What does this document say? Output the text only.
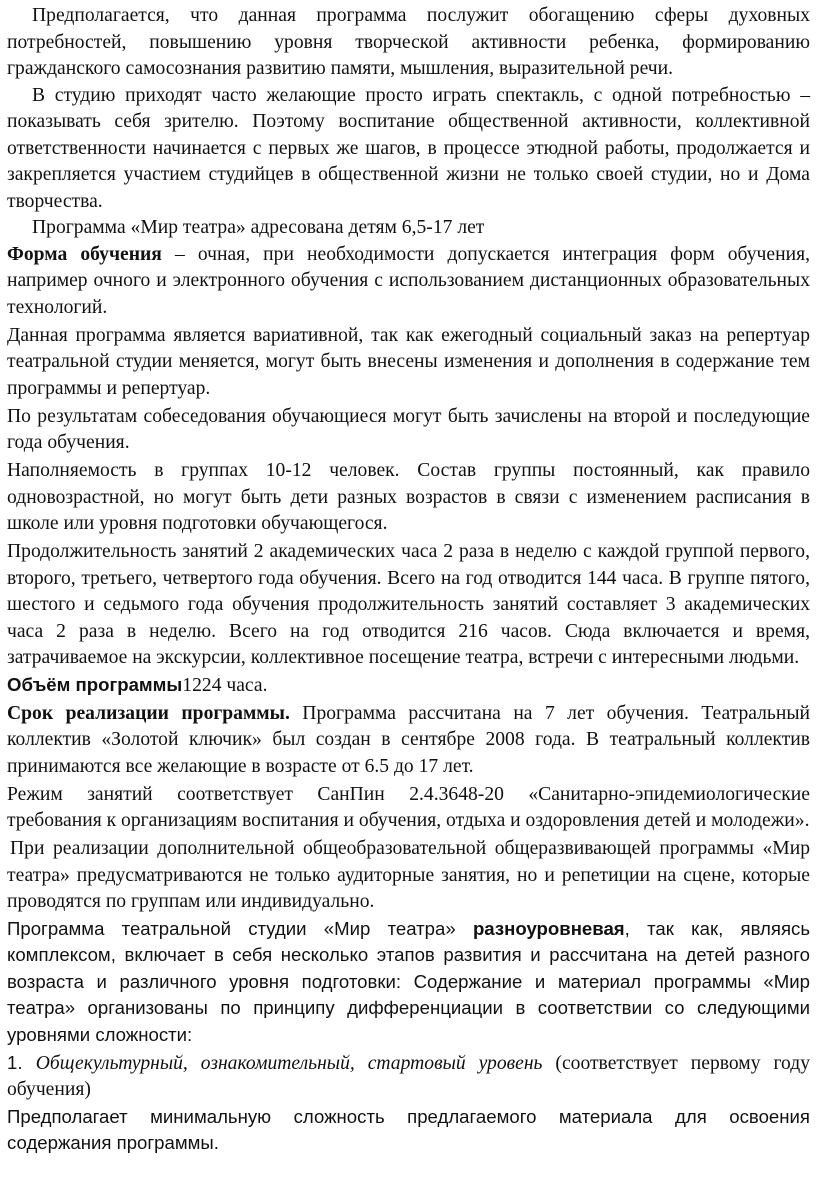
Предполагается, что данная программа послужит обогащению сферы духовных потребностей, повышению уровня творческой активности ребенка, формированию гражданского самосознания развитию памяти, мышления, выразительной речи.

В студию приходят часто желающие просто играть спектакль, с одной потребностью – показывать себя зрителю. Поэтому воспитание общественной активности, коллективной ответственности начинается с первых же шагов, в процессе этюдной работы, продолжается и закрепляется участием студийцев в общественной жизни не только своей студии, но и Дома творчества.

Программа «Мир театра» адресована детям 6,5-17 лет

Форма обучения – очная, при необходимости допускается интеграция форм обучения, например очного и электронного обучения с использованием дистанционных образовательных технологий.

Данная программа является вариативной, так как ежегодный социальный заказ на репертуар театральной студии меняется, могут быть внесены изменения и дополнения в содержание тем программы и репертуар.

По результатам собеседования обучающиеся могут быть зачислены на второй и последующие года обучения.

Наполняемость в группах 10-12 человек. Состав группы постоянный, как правило одновозрастной, но могут быть дети разных возрастов в связи с изменением расписания в школе или уровня подготовки обучающегося.

Продолжительность занятий 2 академических часа 2 раза в неделю с каждой группой первого, второго, третьего, четвертого года обучения. Всего на год отводится 144 часа. В группе пятого, шестого и седьмого года обучения продолжительность занятий составляет 3 академических часа 2 раза в неделю. Всего на год отводится 216 часов. Сюда включается и время, затрачиваемое на экскурсии, коллективное посещение театра, встречи с интересными людьми.

Объём программы1224 часа.

Срок реализации программы. Программа рассчитана на 7 лет обучения. Театральный коллектив «Золотой ключик» был создан в сентябре 2008 года. В театральный коллектив принимаются все желающие в возрасте от 6.5 до 17 лет.

Режим занятий соответствует СанПин 2.4.3648-20 «Санитарно-эпидемиологические требования к организациям воспитания и обучения, отдыха и оздоровления детей и молодежи».

При реализации дополнительной общеобразовательной общеразвивающей программы «Мир театра» предусматриваются не только аудиторные занятия, но и репетиции на сцене, которые проводятся по группам или индивидуально.

Программа театральной студии «Мир театра» разноуровневая, так как, являясь комплексом, включает в себя несколько этапов развития и рассчитана на детей разного возраста и различного уровня подготовки: Содержание и материал программы «Мир театра» организованы по принципу дифференциации в соответствии со следующими уровнями сложности:

1. Общекультурный, ознакомительный, стартовый уровень (соответствует первому году обучения)

Предполагает минимальную сложность предлагаемого материала для освоения содержания программы.
